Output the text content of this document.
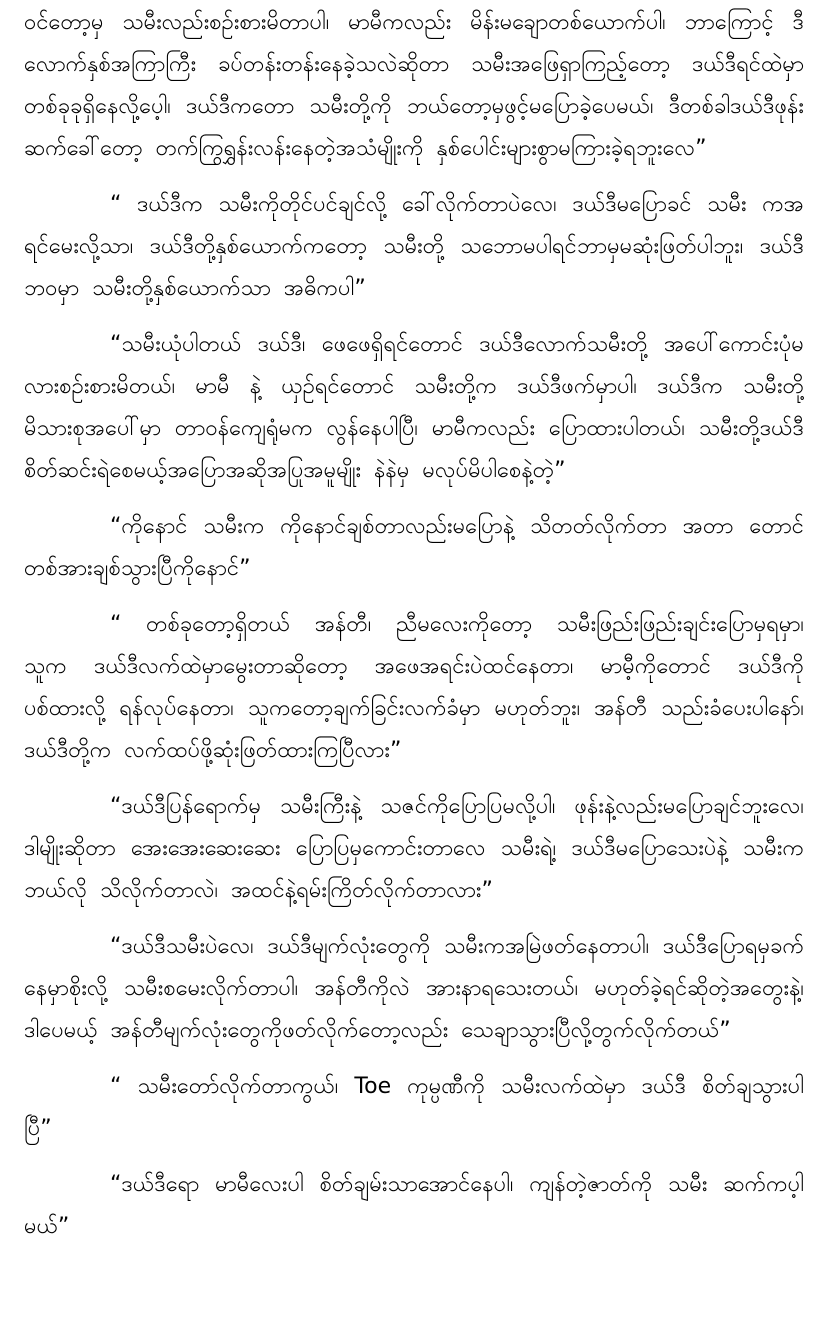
ဝင်တော့မှ သမီးလည်းစဉ်းစားမိတာပါ၊ မာမီကလည်း မိန်းမချောတစ်ယောက်ပါ၊ ဘာကြောင့် ဒီလောက်နှစ်အကြာကြီး ခပ်တန်းတန်းနေခဲ့သလဲဆိုတာ သမီးအဖြေရှာကြည့်တော့ ဒယ်ဒီရင်ထဲမှာ တစ်ခုခုရှိနေလို့ပေ့ါ၊ ဒယ်ဒီကတော သမီးတို့ကို ဘယ်တော့မှဖွင့်မပြောခဲ့ပေမယ်၊ ဒီတစ်ခါဒယ်ဒီဖုန်းဆက်ခေါ်တော့ တက်ကြွရွှန်းလန်းနေတဲ့အသံမျိုးကို နှစ်ပေါင်းများစွာမကြားခဲ့ရဘူးလေ”

“ ဒယ်ဒီက သမီးကိုတိုင်ပင်ချင်လို့ ခေါ်လိုက်တာပဲလေ၊ ဒယ်ဒီမပြောခင် သမီး ကအရင်မေးလို့သာ၊ ဒယ်ဒီတို့နှစ်ယောက်ကတော့ သမီးတို့ သဘောမပါရင်ဘာမှမဆုံးဖြတ်ပါဘူး၊ ဒယ်ဒီဘဝမှာ သမီးတို့နှစ်ယောက်သာ အဓိကပါ”

“သမီးယုံပါတယ် ဒယ်ဒီ၊ ဖေဖေရှိရင်တောင် ဒယ်ဒီလောက်သမီးတို့ အပေါ်ကောင်းပုံမလားစဉ်းစားမိတယ်၊ မာမီ နဲ့ ယှဉ်ရင်တောင် သမီးတို့က ဒယ်ဒီဖက်မှာပါ၊ ဒယ်ဒီက သမီးတို့မိသားစုအပေါ်မှာ တာဝန်ကျေရုံမက လွန်နေပါပြီ၊ မာမီကလည်း ပြောထားပါတယ်၊ သမီးတို့ဒယ်ဒီ စိတ်ဆင်းရဲစေမယ့်အပြောအဆိုအပြုအမူမျိုး နဲနဲမှ မလုပ်မိပါစေနဲ့တဲ့”

“ကိုနောင် သမီးက ကိုနောင်ချစ်တာလည်းမပြောနဲ့ သိတတ်လိုက်တာ အတာ တောင်တစ်အားချစ်သွားပြီကိုနောင်”

“ တစ်ခုတော့ရှိတယ် အန်တီ၊ ညီမလေးကိုတော့ သမီးဖြည်းဖြည်းချင်းပြောမှရမှာ၊ သူက ဒယ်ဒီလက်ထဲမှာမွေးတာဆိုတော့ အဖေအရင်းပဲထင်နေတာ၊ မာမီ့ကိုတောင် ဒယ်ဒီကိုပစ်ထားလို့ ရန်လုပ်နေတာ၊ သူကတော့ချက်ခြင်းလက်ခံမှာ မဟုတ်ဘူး၊ အန်တီ သည်းခံပေးပါနော်၊ ဒယ်ဒီတို့က လက်ထပ်ဖို့ဆုံးဖြတ်ထားကြပြီလား”

“ဒယ်ဒီပြန်ရောက်မှ သမီးကြီးနဲ့ သဇင်ကိုပြောပြမလို့ပါ၊ ဖုန်းနဲ့လည်းမပြောချင်ဘူးလေ၊ ဒါမျိုးဆိုတာ အေးအေးဆေးဆေး ပြောပြမှကောင်းတာလေ သမီးရဲ့၊ ဒယ်ဒီမပြောသေးပဲနဲ့ သမီးက ဘယ်လို သိလိုက်တာလဲ၊ အထင်နဲ့ရမ်းကြိတ်လိုက်တာလား”

“ဒယ်ဒီသမီးပဲလေ၊ ဒယ်ဒီမျက်လုံးတွေကို သမီးကအမြဲဖတ်နေတာပါ၊ ဒယ်ဒီပြောရမှခက်နေမှာစိုးလို့ သမီးစမေးလိုက်တာပါ၊ အန်တီကိုလဲ အားနာရသေးတယ်၊ မဟုတ်ခဲ့ရင်ဆိုတဲ့အတွေးနဲ့၊ ဒါပေမယ့် အန်တီမျက်လုံးတွေကိုဖတ်လိုက်တော့လည်း သေချာသွားပြီလို့တွက်လိုက်တယ်”

“ သမီးတော်လိုက်တာကွယ်၊ Toe ကုမ္ပဏီကို သမီးလက်ထဲမှာ ဒယ်ဒီ စိတ်ချသွားပါပြီ”

“ဒယ်ဒီရော မာမီလေးပါ စိတ်ချမ်းသာအောင်နေပါ၊ ကျန်တဲ့ဇာတ်ကို သမီး ဆက်ကပ့ါမယ်”
